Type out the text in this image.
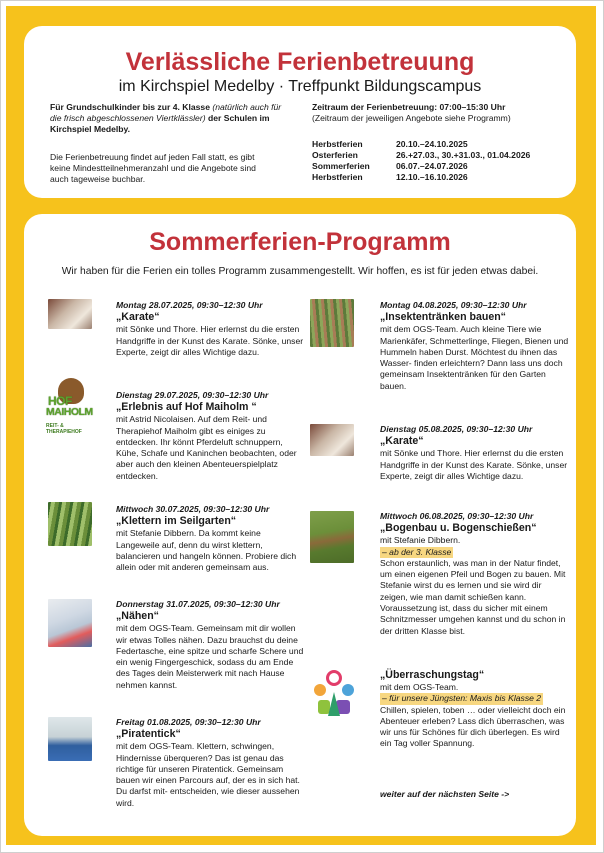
Verlässliche Ferienbetreuung
im Kirchspiel Medelby · Treffpunkt Bildungscampus
Für Grundschulkinder bis zur 4. Klasse (natürlich auch für die frisch abgeschlossenen Viertklässler) der Schulen im Kirchspiel Medelby.
Die Ferienbetreuung findet auf jeden Fall statt, es gibt keine Mindestteilnehmeranzahl und die Angebote sind auch tageweise buchbar.
Zeitraum der Ferienbetreuung: 07:00–15:30 Uhr
(Zeitraum der jeweiligen Angebote siehe Programm)
Herbstferien	20.10.–24.10.2025
Osterferien	26.+27.03., 30.+31.03., 01.04.2026
Sommerferien	06.07.–24.07.2026
Herbstferien	12.10.–16.10.2026
Sommerferien-Programm
Wir haben für die Ferien ein tolles Programm zusammengestellt. Wir hoffen, es ist für jeden etwas dabei.
HOF
MAIHOLM
REIT- & THERAPIEHOF
Montag 28.07.2025, 09:30–12:30 Uhr
„Karate“
mit Sönke und Thore. Hier erlernst du die ersten Handgriffe in der Kunst des Karate. Sönke, unser Experte, zeigt dir alles Wichtige dazu.
Dienstag 29.07.2025, 09:30–12:30 Uhr
„Erlebnis auf Hof Maiholm “
mit Astrid Nicolaisen. Auf dem Reit- und Therapiehof Maiholm gibt es einiges zu entdecken. Ihr könnt Pferdeluft schnuppern, Kühe, Schafe und Kaninchen beobachten, oder aber auch den kleinen Abenteuerspielplatz entdecken.
Mittwoch 30.07.2025, 09:30–12:30 Uhr
„Klettern im Seilgarten“
mit Stefanie Dibbern. Da kommt keine Langeweile auf, denn du wirst klettern, balancieren und hangeln können. Probiere dich allein oder mit anderen gemeinsam aus.
Donnerstag 31.07.2025, 09:30–12:30 Uhr
„Nähen“
mit dem OGS-Team. Gemeinsam mit dir wollen wir etwas Tolles nähen. Dazu brauchst du deine Federtasche, eine spitze und scharfe Schere und ein wenig Fingergeschick, sodass du am Ende des Tages dein Meisterwerk mit nach Hause nehmen kannst.
Freitag 01.08.2025, 09:30–12:30 Uhr
„Piratentick“
mit dem OGS-Team. Klettern, schwingen, Hindernisse überqueren? Das ist genau das richtige für unseren Piratentick. Gemeinsam bauen wir einen Parcours auf, der es in sich hat. Du darfst mit- entscheiden, wie dieser aussehen wird.
Montag 04.08.2025, 09:30–12:30 Uhr
„Insektentränken bauen“
mit dem OGS-Team. Auch kleine Tiere wie Marienkäfer, Schmetterlinge, Fliegen, Bienen und Hummeln haben Durst. Möchtest du ihnen das Wasser- finden erleichtern? Dann lass uns doch gemeinsam Insektentränken für den Garten bauen.
Dienstag 05.08.2025, 09:30–12:30 Uhr
„Karate“
mit Sönke und Thore. Hier erlernst du die ersten Handgriffe in der Kunst des Karate. Sönke, unser Experte, zeigt dir alles Wichtige dazu.
Mittwoch 06.08.2025, 09:30–12:30 Uhr
„Bogenbau u. Bogenschießen“
mit Stefanie Dibbern.
– ab der 3. Klasse
Schon erstaunlich, was man in der Natur findet, um einen eigenen Pfeil und Bogen zu bauen. Mit Stefanie wirst du es lernen und sie wird dir zeigen, wie man damit schießen kann. Voraussetzung ist, dass du sicher mit einem Schnitzmesser umgehen kannst und du schon in der dritten Klasse bist.
„Überraschungstag“
mit dem OGS-Team.
– für unsere Jüngsten: Maxis bis Klasse 2
Chillen, spielen, toben … oder vielleicht doch ein Abenteuer erleben? Lass dich überraschen, was wir uns für Schönes für dich überlegen. Es wird ein Tag voller Spannung.
weiter auf der nächsten Seite ->
